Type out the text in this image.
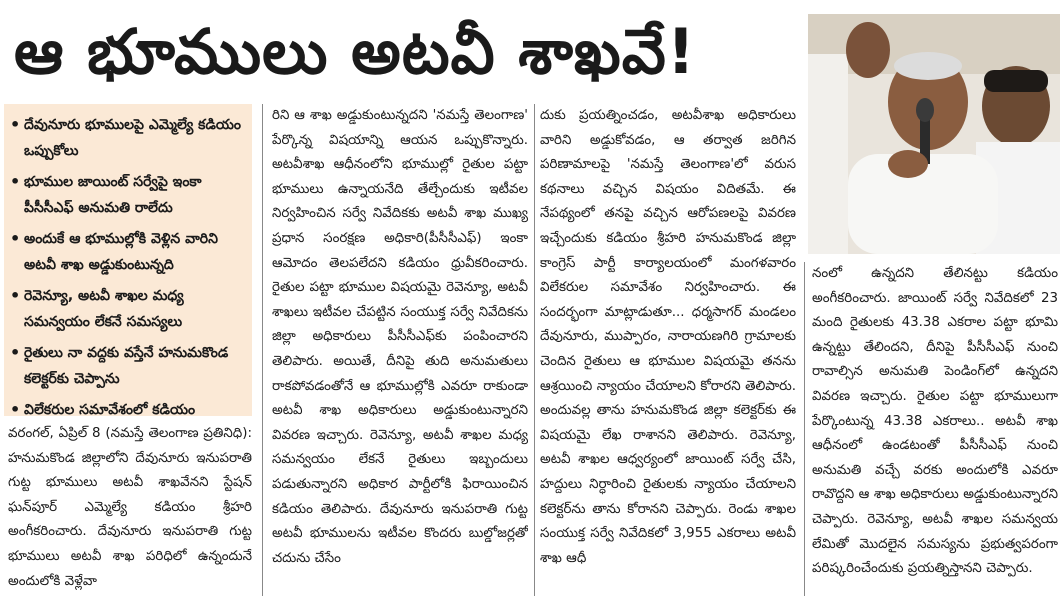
ఆ భూములు అటవీ శాఖవే!
• దేవునూరు భూములపై ఎమ్మెల్యే కడియం ఒప్పుకోలు
• భూముల జాయింట్ సర్వేపై ఇంకా పీసీసీఎఫ్ అనుమతి రాలేదు
• అందుకే ఆ భూముల్లోకి వెళ్లిన వారిని అటవీ శాఖ అడ్డుకుంటున్నది
• రెవెన్యూ, అటవీ శాఖల మధ్య సమన్వయం లేకనే సమస్యలు
• రైతులు నా వద్దకు వస్తేనే హనుమకొండ కలెక్టర్‌కు చెప్పాను
• విలేకరుల సమావేశంలో కడియం

వరంగల్, ఏప్రిల్ 8 (నమస్తే తెలంగాణ ప్రతినిధి): హనుమకొండ జిల్లాలోని దేవునూరు ఇనుపరాతి గుట్ట భూములు అటవీ శాఖవేనని స్టేషన్ ఘన్‌పూర్ ఎమ్మెల్యే కడియం శ్రీహరి అంగీకరించారు. దేవునూరు ఇనుపరాతి గుట్ట భూములు అటవీ శాఖ పరిధిలో ఉన్నందునే అందులోకి వెళ్లేవా

రిని ఆ శాఖ అడ్డుకుంటున్నదని 'నమస్తే తెలంగాణ' పేర్కొన్న విషయాన్ని ఆయన ఒప్పుకొన్నారు. అటవీశాఖ ఆధీనంలోని భూముల్లో రైతుల పట్టా భూములు ఉన్నాయనేది తేల్చేందుకు ఇటీవల నిర్వహించిన సర్వే నివేదికకు అటవీ శాఖ ముఖ్య ప్రధాన సంరక్షణ అధికారి(పీసీసీఎఫ్) ఇంకా ఆమోదం తెలపలేదని కడియం ధ్రువీకరించారు. రైతుల పట్టా భూముల విషయమై రెవెన్యూ, అటవీ శాఖలు ఇటీవల చేపట్టిన సంయుక్త సర్వే నివేదికను జిల్లా అధికారులు పీసీసీఎఫ్‌కు పంపించారని తెలిపారు. అయితే, దీనిపై తుది అనుమతులు రాకపోవడంతోనే ఆ భూముల్లోకి ఎవరూ రాకుండా అటవీ శాఖ అధికారులు అడ్డుకుంటున్నారని వివరణ ఇచ్చారు. రెవెన్యూ, అటవీ శాఖల మధ్య సమన్వయం లేకనే రైతులు ఇబ్బందులు పడుతున్నారని అధికార పార్టీలోకి ఫిరాయించిన కడియం తెలిపారు. దేవునూరు ఇనుపరాతి గుట్ట అటవీ భూములను ఇటీవల కొందరు బుల్డోజర్లతో చదును చేసేం

దుకు ప్రయత్నించడం, అటవీశాఖ అధికారులు వారిని అడ్డుకోవడం, ఆ తర్వాత జరిగిన పరిణామాలపై 'నమస్తే తెలంగాణ'లో వరుస కథనాలు వచ్చిన విషయం విదితమే. ఈ నేపథ్యంలో తనపై వచ్చిన ఆరోపణలపై వివరణ ఇచ్చేందుకు కడియం శ్రీహరి హనుమకొండ జిల్లా కాంగ్రెస్ పార్టీ కార్యాలయంలో మంగళవారం విలేకరుల సమావేశం నిర్వహించారు. ఈ సందర్భంగా మాట్లాడుతూ... ధర్మసాగర్ మండలం దేవునూరు, ముప్పారం, నారాయణగిరి గ్రామాలకు చెందిన రైతులు ఆ భూముల విషయమై తనను ఆశ్రయించి న్యాయం చేయాలని కోరారని తెలిపారు. అందువల్ల తాను హనుమకొండ జిల్లా కలెక్టర్‌కు ఈ విషయమై లేఖ రాశానని తెలిపారు. రెవెన్యూ, అటవీ శాఖల ఆధ్వర్యంలో జాయింట్ సర్వే చేసి, హద్దులు నిర్ధారించి రైతులకు న్యాయం చేయాలని కలెక్టర్‌ను తాను కోరానని చెప్పారు. రెండు శాఖల సంయుక్త సర్వే నివేదికలో 3,955 ఎకరాలు అటవీ శాఖ ఆధీ

నంలో ఉన్నదని తేలినట్టు కడియం అంగీకరించారు. జాయింట్ సర్వే నివేదికలో 23 మంది రైతులకు 43.38 ఎకరాల పట్టా భూమి ఉన్నట్టు తేలిందని, దీనిపై పీసీసీఎఫ్ నుంచి రావాల్సిన అనుమతి పెండింగ్‌లో ఉన్నదని వివరణ ఇచ్చారు. రైతుల పట్టా భూములుగా పేర్కొంటున్న 43.38 ఎకరాలు.. అటవీ శాఖ ఆధీనంలో ఉండటంతో పీసీసీఎఫ్ నుంచి అనుమతి వచ్చే వరకు అందులోకి ఎవరూ రావొద్దని ఆ శాఖ అధికారులు అడ్డుకుంటున్నారని చెప్పారు. రెవెన్యూ, అటవీ శాఖల సమన్వయ లేమితో మొదలైన సమస్యను ప్రభుత్వపరంగా పరిష్కరించేందుకు ప్రయత్నిస్తానని చెప్పారు.
